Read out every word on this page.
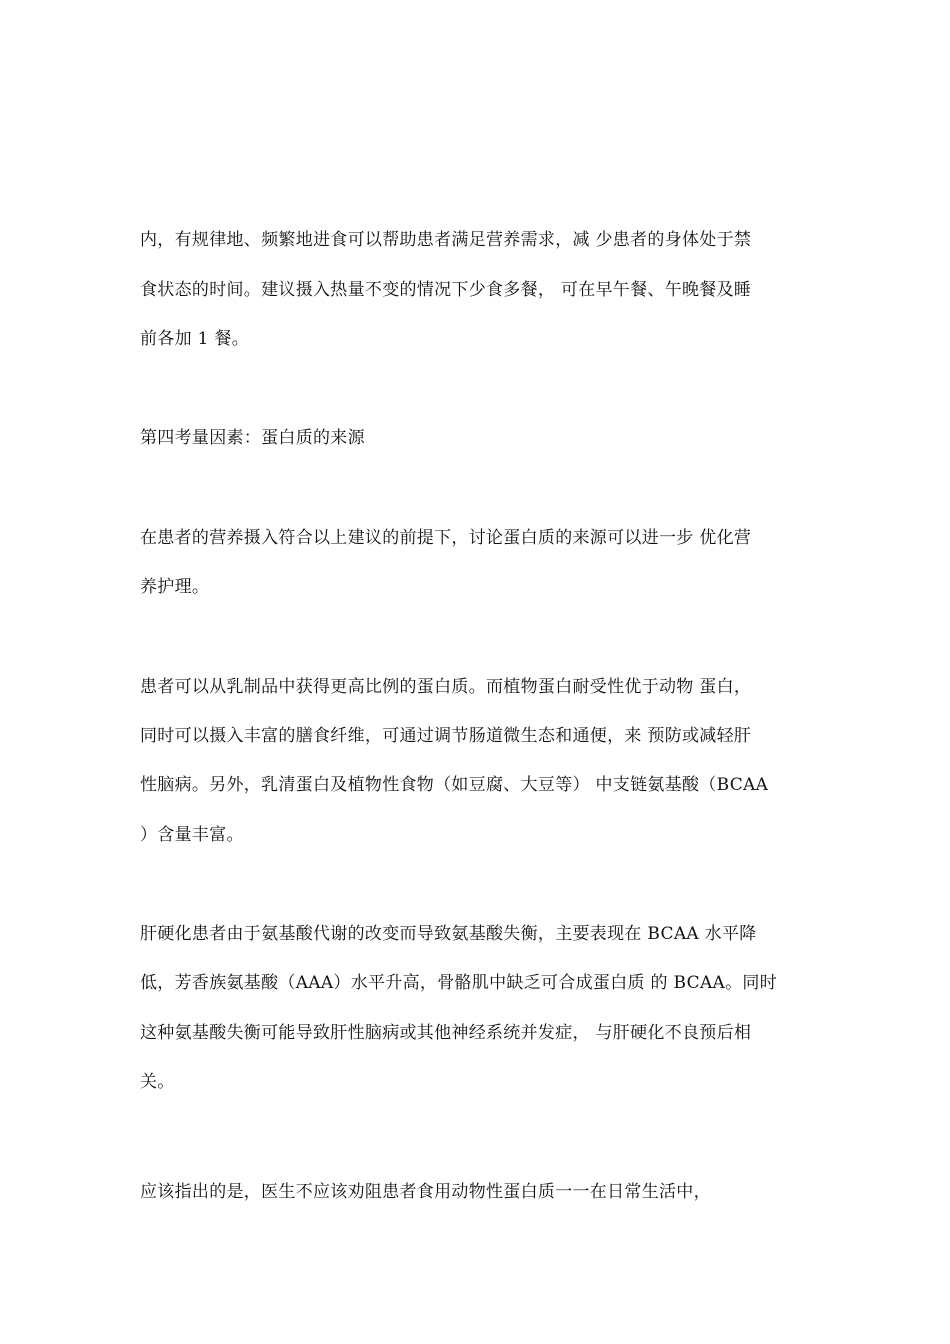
内，有规律地、频繁地进食可以帮助患者满足营养需求，减 少患者的身体处于禁
食状态的时间。建议摄入热量不变的情况下少食多餐， 可在早午餐、午晚餐及睡
前各加 1 餐。
第四考量因素：蛋白质的来源
在患者的营养摄入符合以上建议的前提下，讨论蛋白质的来源可以进一步 优化营
养护理。
患者可以从乳制品中获得更高比例的蛋白质。而植物蛋白耐受性优于动物 蛋白，
同时可以摄入丰富的膳食纤维，可通过调节肠道微生态和通便，来 预防或减轻肝
性脑病。另外，乳清蛋白及植物性食物（如豆腐、大豆等） 中支链氨基酸（BCAA
）含量丰富。
肝硬化患者由于氨基酸代谢的改变而导致氨基酸失衡，主要表现在 BCAA 水平降
低，芳香族氨基酸（AAA）水平升高，骨骼肌中缺乏可合成蛋白质 的 BCAA。同时
这种氨基酸失衡可能导致肝性脑病或其他神经系统并发症， 与肝硬化不良预后相
关。
应该指出的是，医生不应该劝阻患者食用动物性蛋白质一一在日常生活中，
